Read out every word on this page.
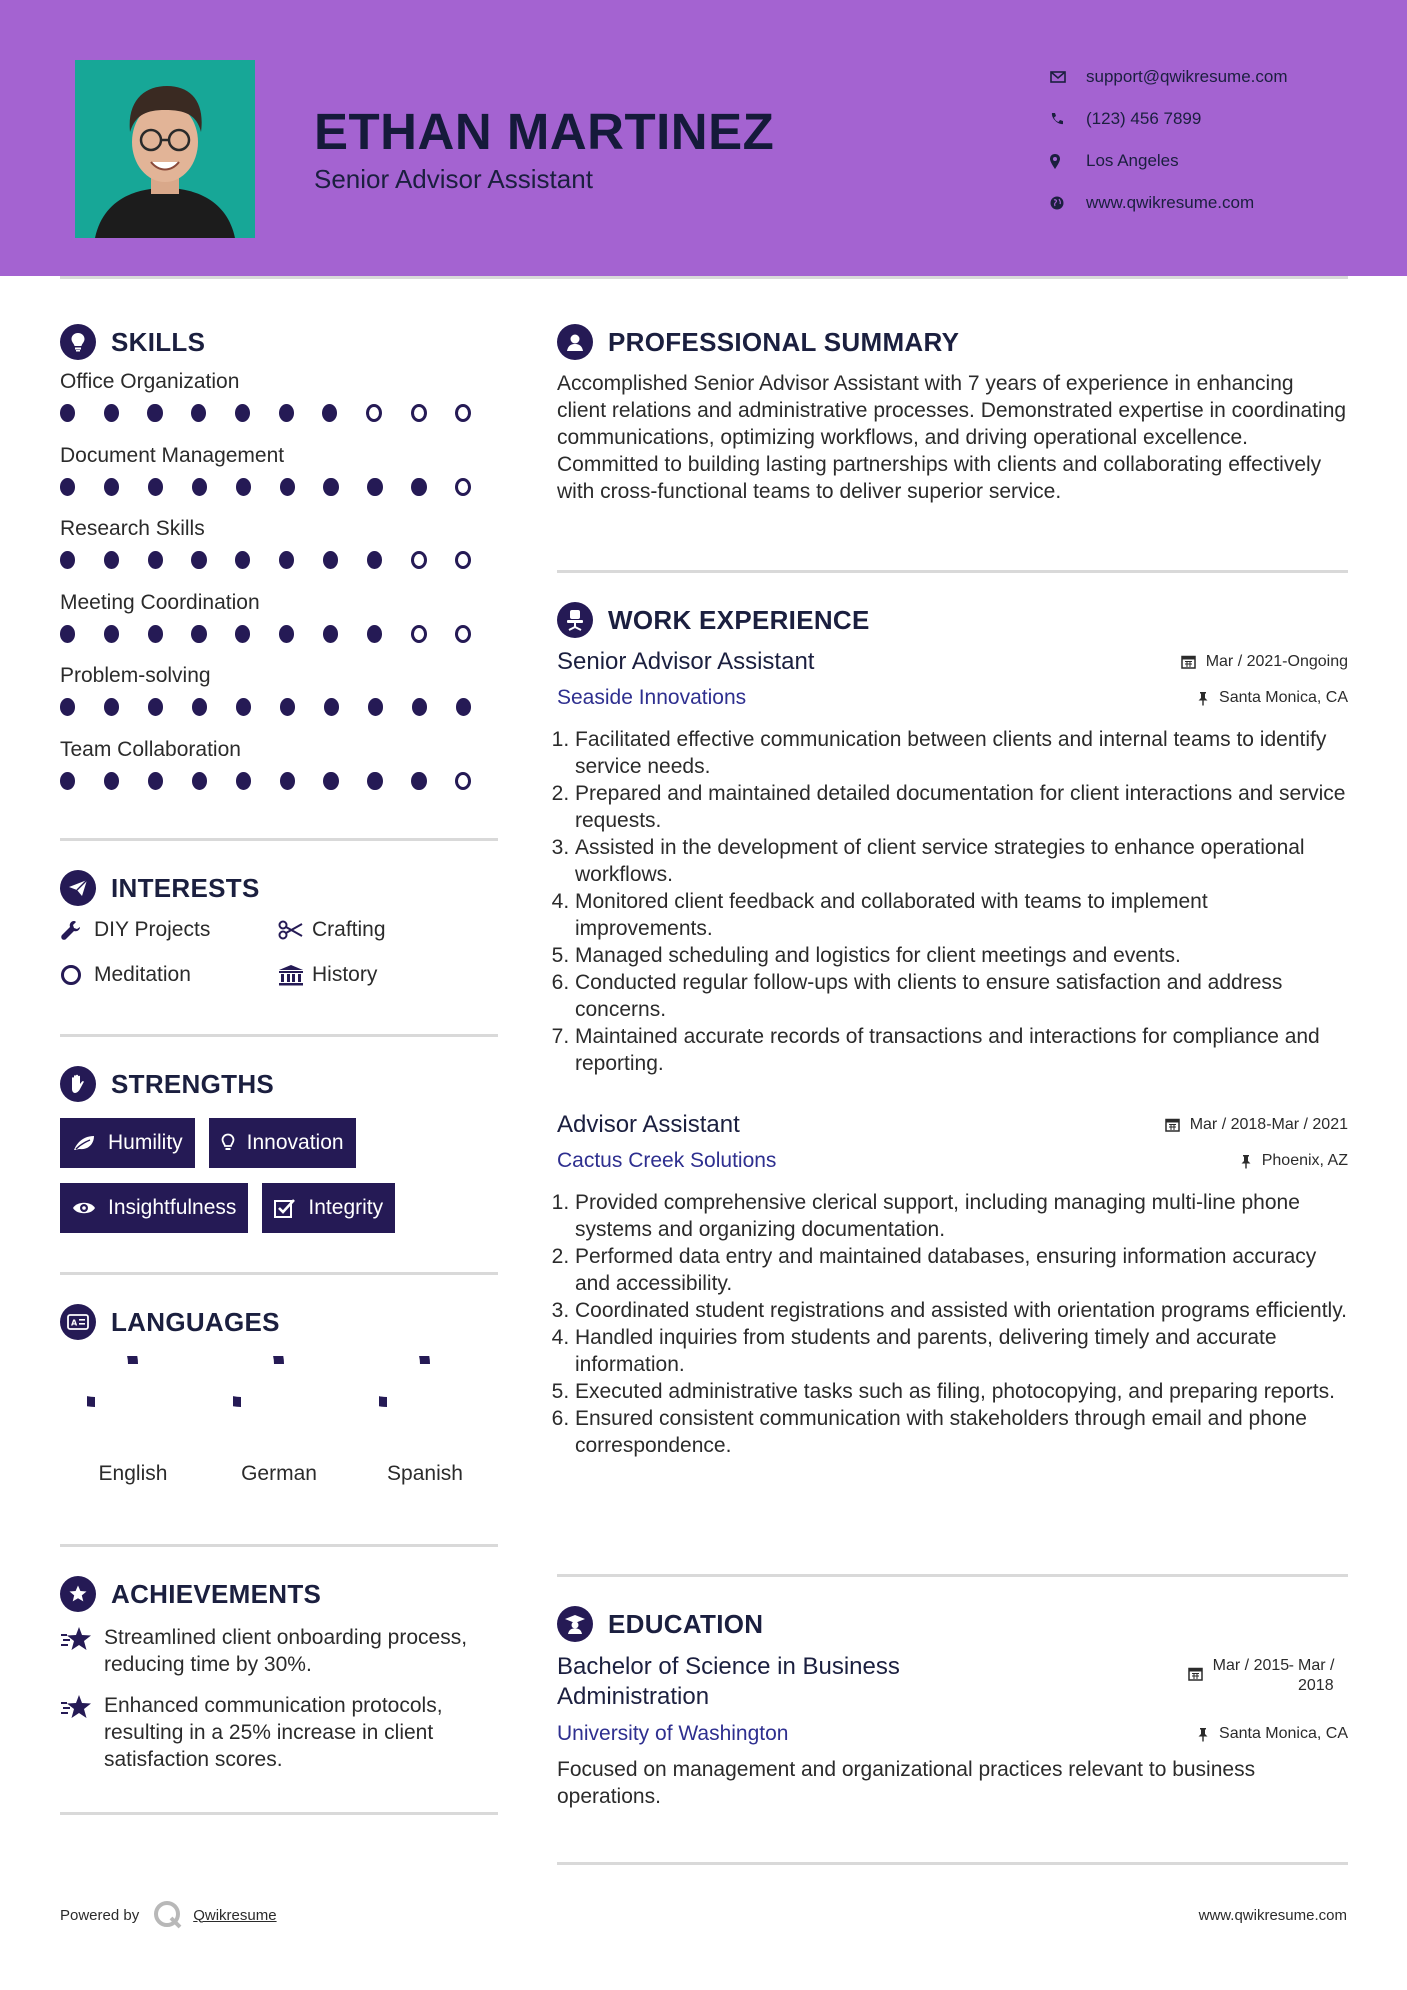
ETHAN MARTINEZ
Senior Advisor Assistant
support@qwikresume.com
(123) 456 7899
Los Angeles
www.qwikresume.com
SKILLS
Office Organization
Document Management
Research Skills
Meeting Coordination
Problem-solving
Team Collaboration
INTERESTS
DIY Projects	Crafting
Meditation	History
STRENGTHS
Humility	Innovation
Insightfulness	Integrity
A LANGUAGES
English	German	Spanish
ACHIEVEMENTS
Streamlined client onboarding process, reducing time by 30%.
Enhanced communication protocols, resulting in a 25% increase in client satisfaction scores.
PROFESSIONAL SUMMARY
Accomplished Senior Advisor Assistant with 7 years of experience in enhancing client relations and administrative processes. Demonstrated expertise in coordinating communications, optimizing workflows, and driving operational excellence. Committed to building lasting partnerships with clients and collaborating effectively with cross-functional teams to deliver superior service.
WORK EXPERIENCE
Senior Advisor Assistant	Mar / 2021-Ongoing
Seaside Innovations	Santa Monica, CA
1. Facilitated effective communication between clients and internal teams to identify service needs.
2. Prepared and maintained detailed documentation for client interactions and service requests.
3. Assisted in the development of client service strategies to enhance operational workflows.
4. Monitored client feedback and collaborated with teams to implement improvements.
5. Managed scheduling and logistics for client meetings and events.
6. Conducted regular follow-ups with clients to ensure satisfaction and address concerns.
7. Maintained accurate records of transactions and interactions for compliance and reporting.
Advisor Assistant	Mar / 2018-Mar / 2021
Cactus Creek Solutions	Phoenix, AZ
1. Provided comprehensive clerical support, including managing multi-line phone systems and organizing documentation.
2. Performed data entry and maintained databases, ensuring information accuracy and accessibility.
3. Coordinated student registrations and assisted with orientation programs efficiently.
4. Handled inquiries from students and parents, delivering timely and accurate information.
5. Executed administrative tasks such as filing, photocopying, and preparing reports.
6. Ensured consistent communication with stakeholders through email and phone correspondence.
EDUCATION
Bachelor of Science in Business Administration
Mar / 2015 - Mar / 2018
University of Washington	Santa Monica, CA
Focused on management and organizational practices relevant to business operations.
Powered by	Qwikresume	www.qwikresume.com
